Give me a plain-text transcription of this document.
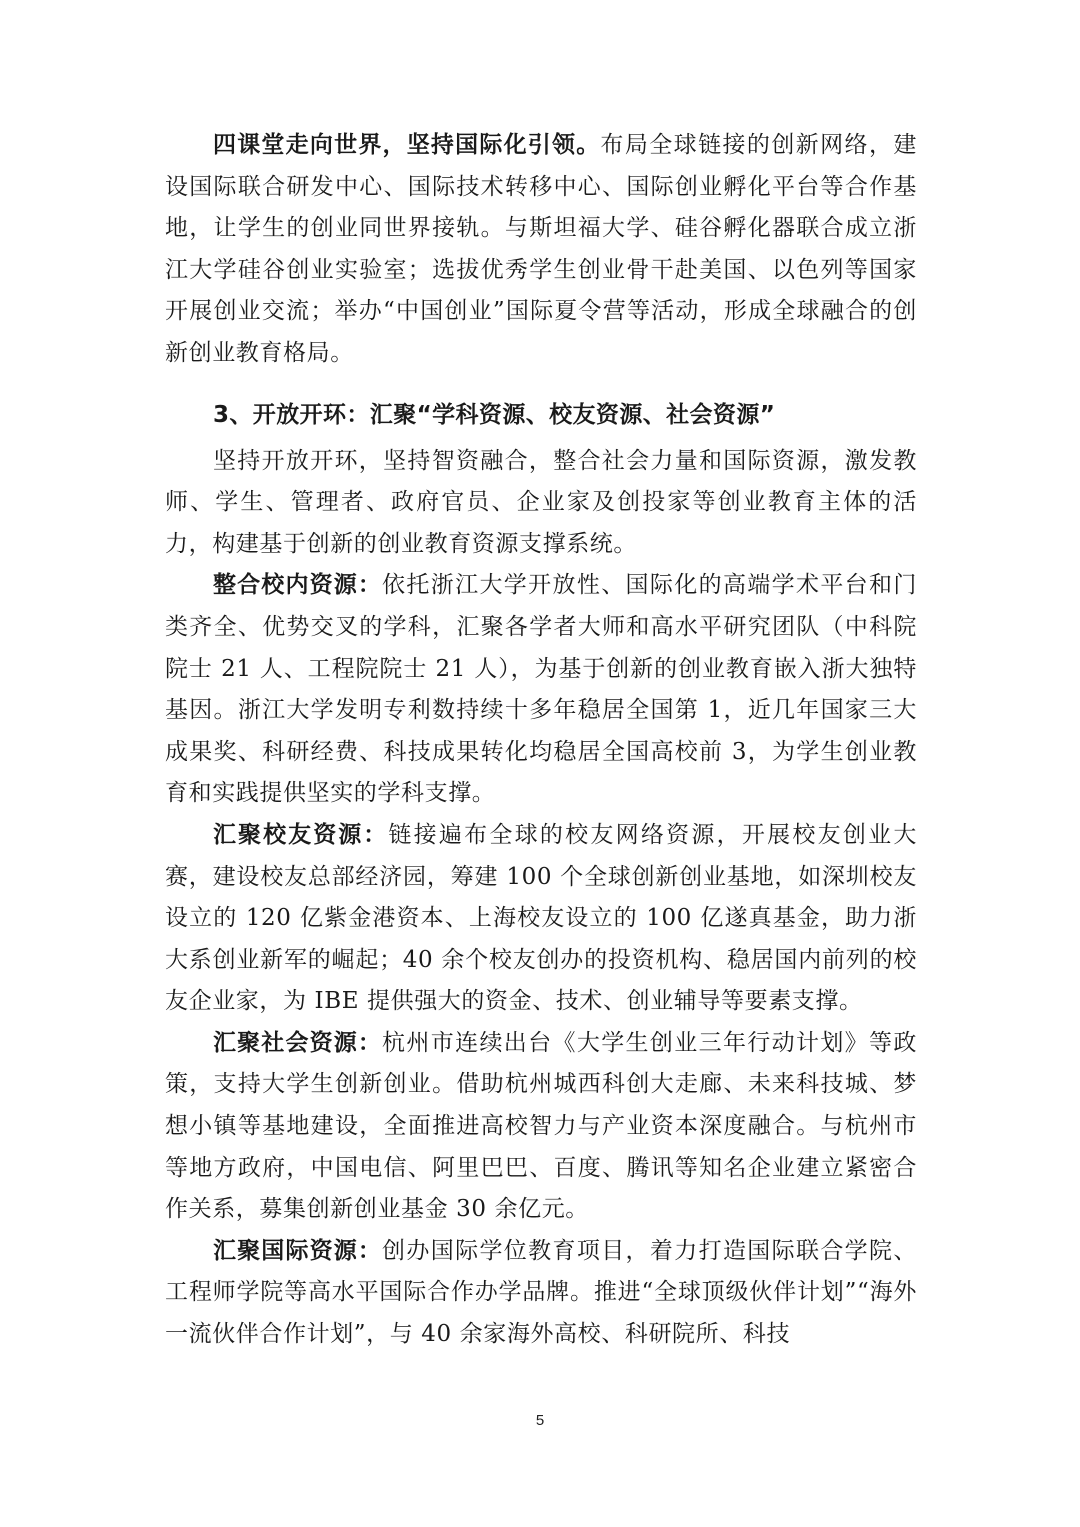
四课堂走向世界，坚持国际化引领。布局全球链接的创新网络，建设国际联合研发中心、国际技术转移中心、国际创业孵化平台等合作基地，让学生的创业同世界接轨。与斯坦福大学、硅谷孵化器联合成立浙江大学硅谷创业实验室；选拔优秀学生创业骨干赴美国、以色列等国家开展创业交流；举办“中国创业”国际夏令营等活动，形成全球融合的创新创业教育格局。

3、开放开环：汇聚“学科资源、校友资源、社会资源”

坚持开放开环，坚持智资融合，整合社会力量和国际资源，激发教师、学生、管理者、政府官员、企业家及创投家等创业教育主体的活力，构建基于创新的创业教育资源支撑系统。

整合校内资源：依托浙江大学开放性、国际化的高端学术平台和门类齐全、优势交叉的学科，汇聚各学者大师和高水平研究团队（中科院院士 21 人、工程院院士 21 人），为基于创新的创业教育嵌入浙大独特基因。浙江大学发明专利数持续十多年稳居全国第 1，近几年国家三大成果奖、科研经费、科技成果转化均稳居全国高校前 3，为学生创业教育和实践提供坚实的学科支撑。

汇聚校友资源：链接遍布全球的校友网络资源，开展校友创业大赛，建设校友总部经济园，筹建 100 个全球创新创业基地，如深圳校友设立的 120 亿紫金港资本、上海校友设立的 100 亿遂真基金，助力浙大系创业新军的崛起；40 余个校友创办的投资机构、稳居国内前列的校友企业家，为 IBE 提供强大的资金、技术、创业辅导等要素支撑。

汇聚社会资源：杭州市连续出台《大学生创业三年行动计划》等政策，支持大学生创新创业。借助杭州城西科创大走廊、未来科技城、梦想小镇等基地建设，全面推进高校智力与产业资本深度融合。与杭州市等地方政府，中国电信、阿里巴巴、百度、腾讯等知名企业建立紧密合作关系，募集创新创业基金 30 余亿元。

汇聚国际资源：创办国际学位教育项目，着力打造国际联合学院、工程师学院等高水平国际合作办学品牌。推进“全球顶级伙伴计划”“海外一流伙伴合作计划”，与 40 余家海外高校、科研院所、科技

5
